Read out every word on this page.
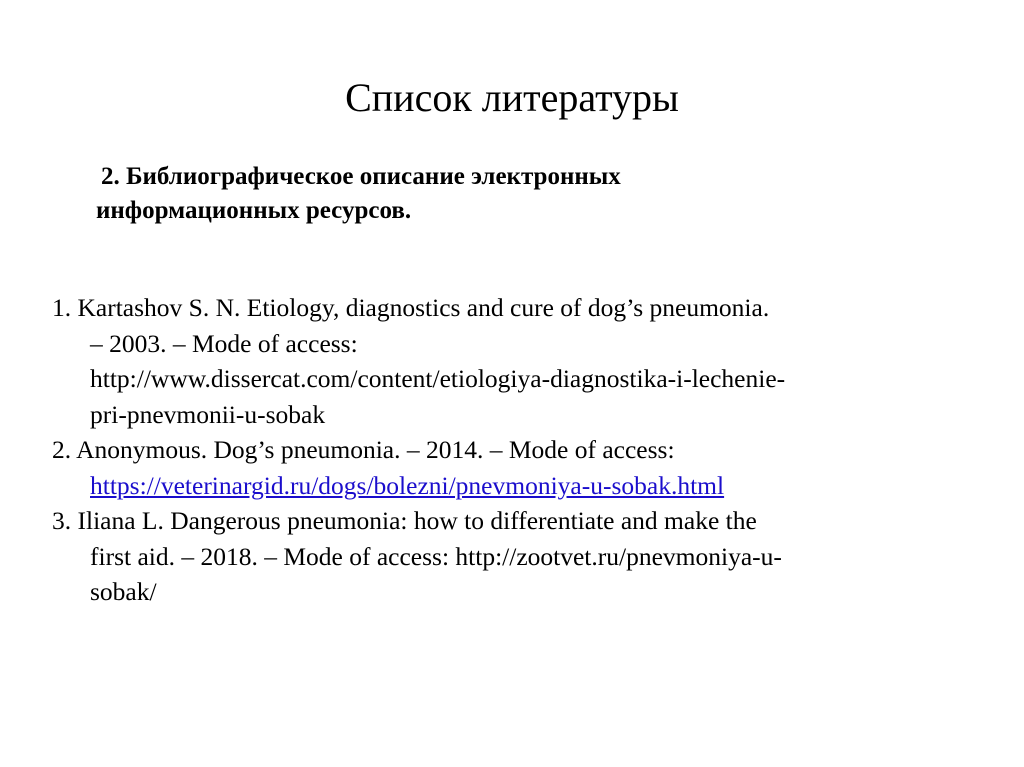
Список литературы
2. Библиографическое описание электронных
информационных ресурсов.
1. Kartashov S. N. Etiology, diagnostics and cure of dog’s pneumonia.
– 2003. – Mode of access:
http://www.dissercat.com/content/etiologiya-diagnostika-i-lechenie-
pri-pnevmonii-u-sobak
2. Anonymous. Dog’s pneumonia. – 2014. – Mode of access:
https://veterinargid.ru/dogs/bolezni/pnevmoniya-u-sobak.html
3. Iliana L. Dangerous pneumonia: how to differentiate and make the
first aid. – 2018. – Mode of access: http://zootvet.ru/pnevmoniya-u-
sobak/
